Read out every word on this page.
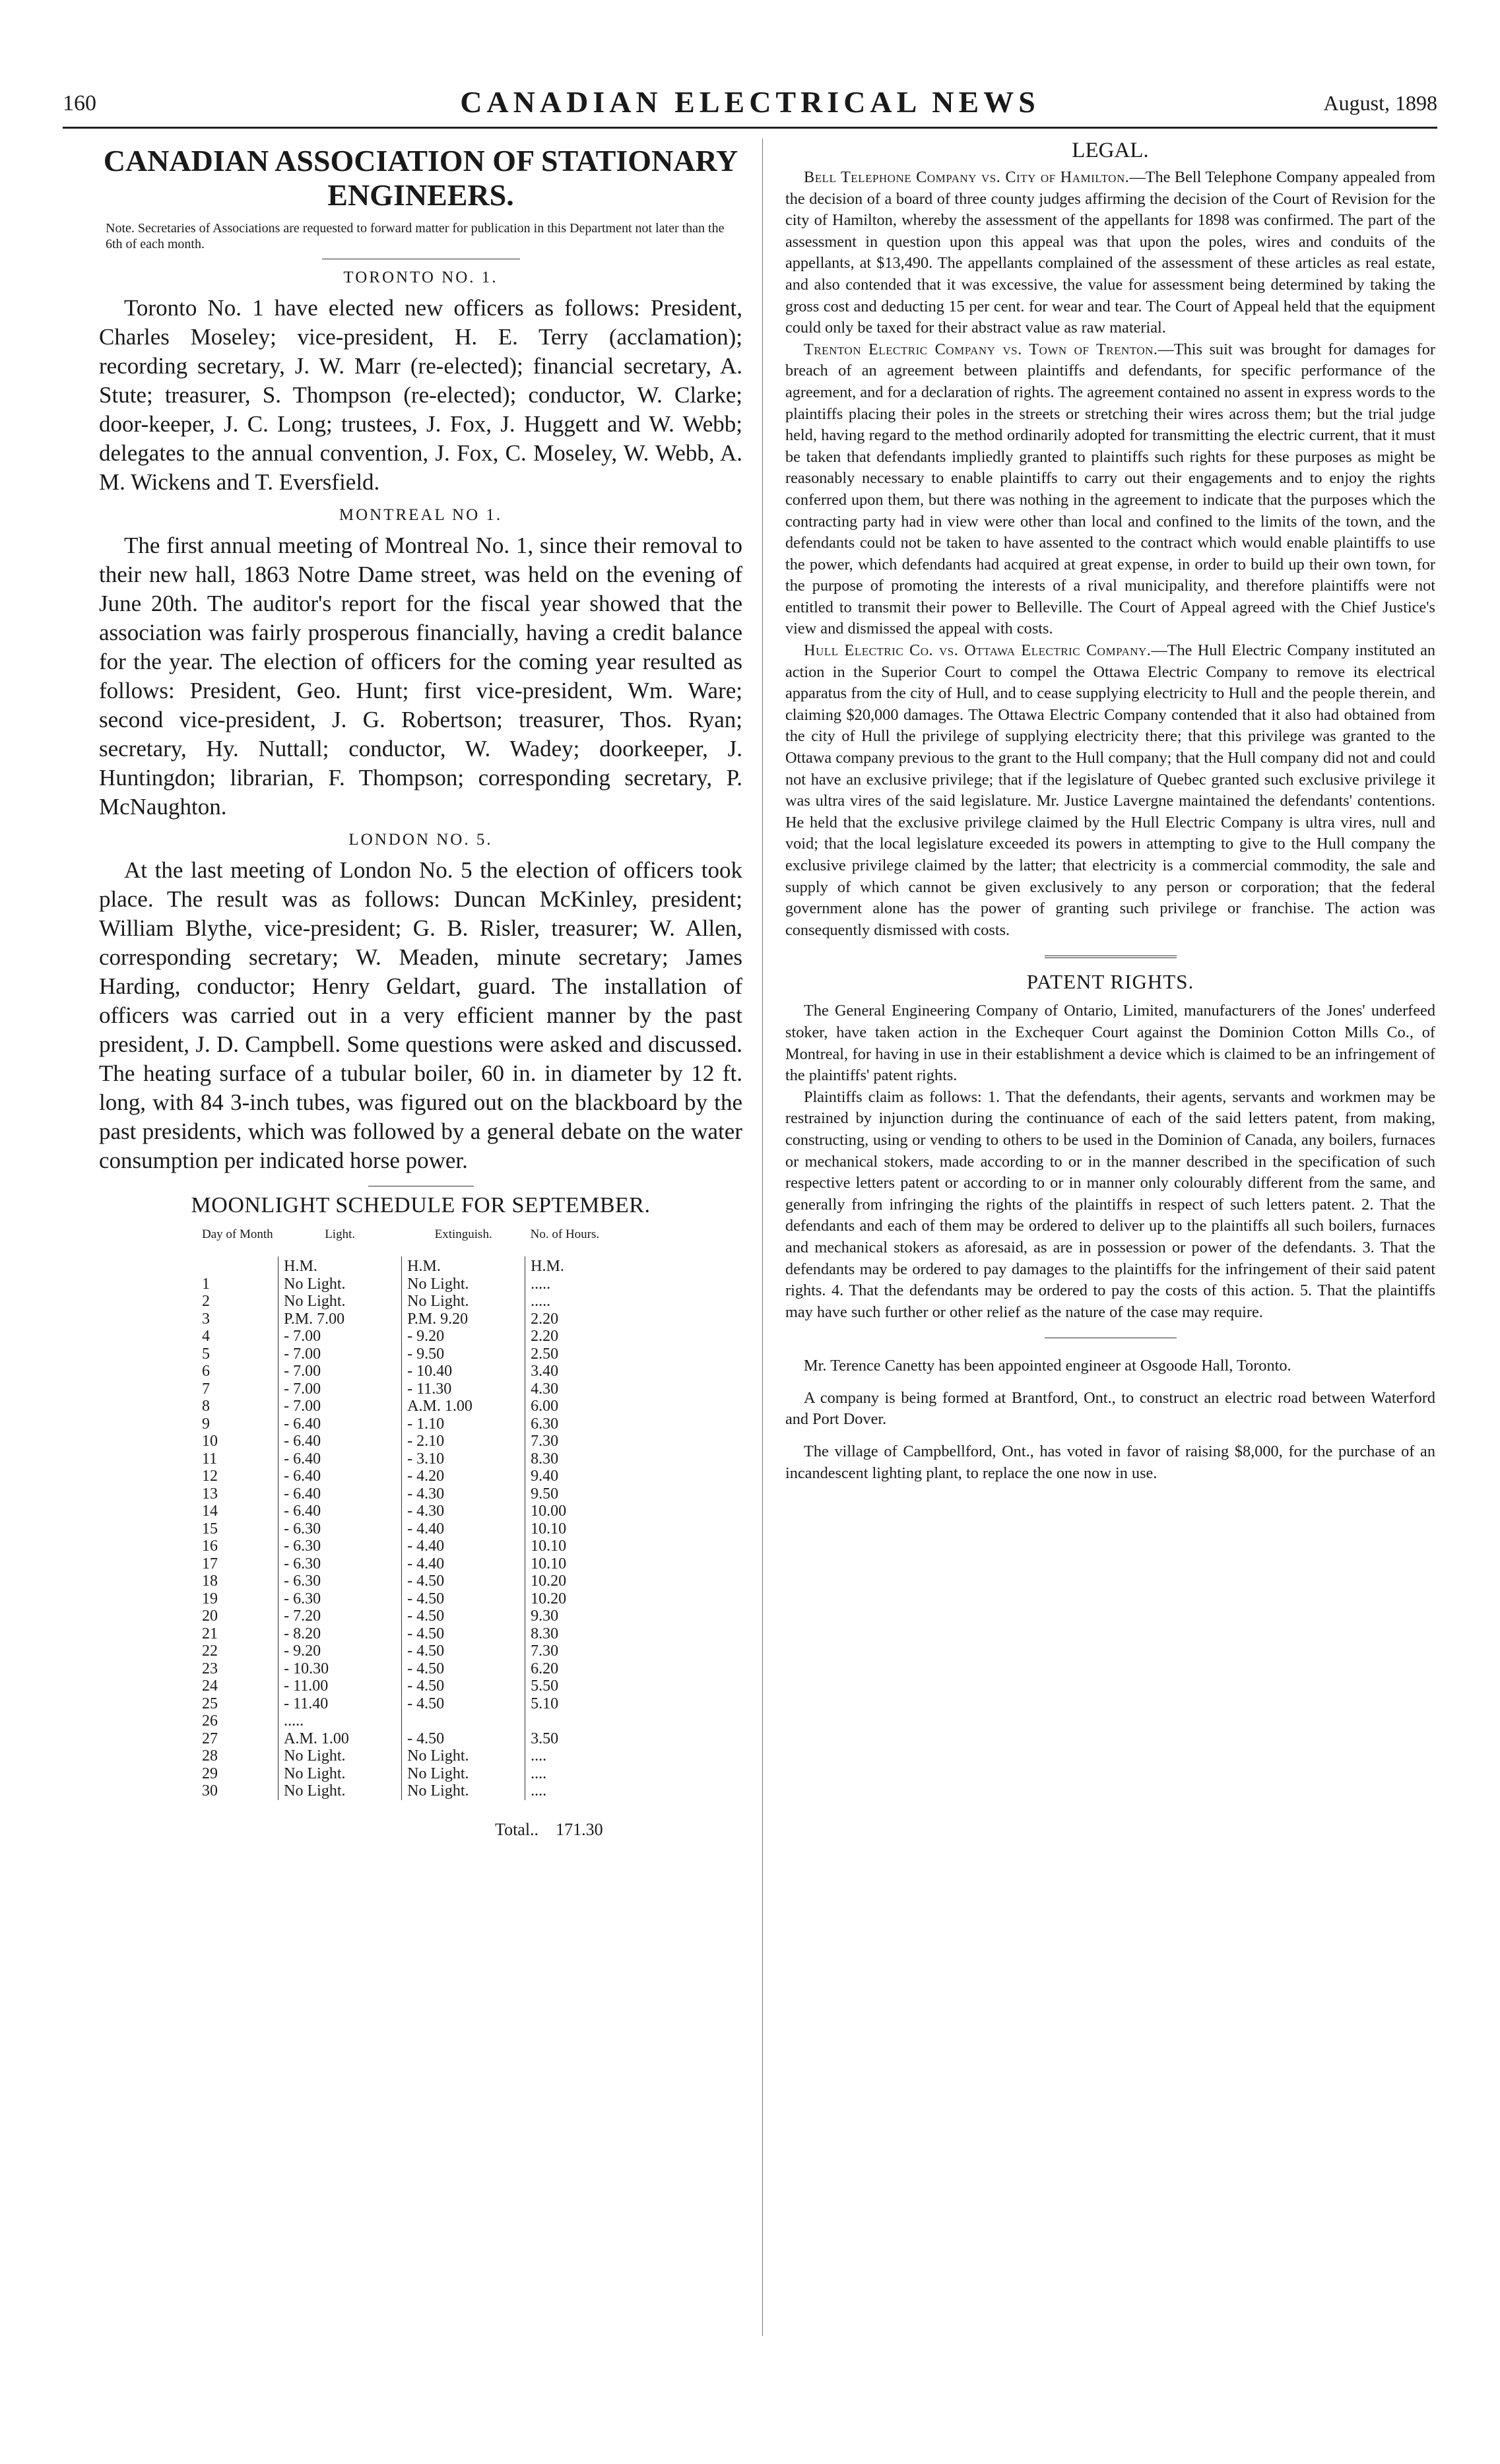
160	CANADIAN ELECTRICAL NEWS	August, 1898
CANADIAN ASSOCIATION OF STATIONARY ENGINEERS.
Note. Secretaries of Associations are requested to forward matter for publication in this Department not later than the 6th of each month.
TORONTO NO. 1.

Toronto No. 1 have elected new officers as follows: President, Charles Moseley; vice-president, H. E. Terry (acclamation); recording secretary, J. W. Marr (re-elected); financial secretary, A. Stute; treasurer, S. Thompson (re-elected); conductor, W. Clarke; door-keeper, J. C. Long; trustees, J. Fox, J. Huggett and W. Webb; delegates to the annual convention, J. Fox, C. Moseley, W. Webb, A. M. Wickens and T. Eversfield.

MONTREAL NO 1.

The first annual meeting of Montreal No. 1, since their removal to their new hall, 1863 Notre Dame street, was held on the evening of June 20th. The auditor's report for the fiscal year showed that the association was fairly prosperous financially, having a credit balance for the year. The election of officers for the coming year resulted as follows: President, Geo. Hunt; first vice-president, Wm. Ware; second vice-president, J. G. Robertson; treasurer, Thos. Ryan; secretary, Hy. Nuttall; conductor, W. Wadey; doorkeeper, J. Huntingdon; librarian, F. Thompson; corresponding secretary, P. McNaughton.

LONDON NO. 5.

At the last meeting of London No. 5 the election of officers took place. The result was as follows: Duncan McKinley, president; William Blythe, vice-president; G. B. Risler, treasurer; W. Allen, corresponding secretary; W. Meaden, minute secretary; James Harding, conductor; Henry Geldart, guard. The installation of officers was carried out in a very efficient manner by the past president, J. D. Campbell. Some questions were asked and discussed. The heating surface of a tubular boiler, 60 in. in diameter by 12 ft. long, with 84 3-inch tubes, was figured out on the blackboard by the past presidents, which was followed by a general debate on the water consumption per indicated horse power.

MOONLIGHT SCHEDULE FOR SEPTEMBER.
Day of Month	Light.	Extinguish.	No. of Hours.
	H.M.	H.M.	H.M.
1	No Light.	No Light.	.....
2	No Light.	No Light.	.....
3	P.M. 7.00	P.M. 9.20	2.20
4	- 7.00	- 9.20	2.20
5	- 7.00	- 9.50	2.50
6	- 7.00	- 10.40	3.40
7	- 7.00	- 11.30	4.30
8	- 7.00	A.M. 1.00	6.00
9	- 6.40	- 1.10	6.30
10	- 6.40	- 2.10	7.30
11	- 6.40	- 3.10	8.30
12	- 6.40	- 4.20	9.40
13	- 6.40	- 4.30	9.50
14	- 6.40	- 4.30	10.00
15	- 6.30	- 4.40	10.10
16	- 6.30	- 4.40	10.10
17	- 6.30	- 4.40	10.10
18	- 6.30	- 4.50	10.20
19	- 6.30	- 4.50	10.20
20	- 7.20	- 4.50	9.30
21	- 8.20	- 4.50	8.30
22	- 9.20	- 4.50	7.30
23	- 10.30	- 4.50	6.20
24	- 11.00	- 4.50	5.50
25	- 11.40	- 4.50	5.10
26	.....		
27	A.M. 1.00	- 4.50	3.50
28	No Light.	No Light.	....
29	No Light.	No Light.	....
30	No Light.	No Light.	....
Total.. 171.30
LEGAL.

Bell Telephone Company vs. City of Hamilton.—The Bell Telephone Company appealed from the decision of a board of three county judges affirming the decision of the Court of Revision for the city of Hamilton, whereby the assessment of the appellants for 1898 was confirmed. The part of the assessment in question upon this appeal was that upon the poles, wires and conduits of the appellants, at $13,490. The appellants complained of the assessment of these articles as real estate, and also contended that it was excessive, the value for assessment being determined by taking the gross cost and deducting 15 per cent. for wear and tear. The Court of Appeal held that the equipment could only be taxed for their abstract value as raw material.

Trenton Electric Company vs. Town of Trenton.—This suit was brought for damages for breach of an agreement between plaintiffs and defendants, for specific performance of the agreement, and for a declaration of rights. The agreement contained no assent in express words to the plaintiffs placing their poles in the streets or stretching their wires across them; but the trial judge held, having regard to the method ordinarily adopted for transmitting the electric current, that it must be taken that defendants impliedly granted to plaintiffs such rights for these purposes as might be reasonably necessary to enable plaintiffs to carry out their engagements and to enjoy the rights conferred upon them, but there was nothing in the agreement to indicate that the purposes which the contracting party had in view were other than local and confined to the limits of the town, and the defendants could not be taken to have assented to the contract which would enable plaintiffs to use the power, which defendants had acquired at great expense, in order to build up their own town, for the purpose of promoting the interests of a rival municipality, and therefore plaintiffs were not entitled to transmit their power to Belleville. The Court of Appeal agreed with the Chief Justice's view and dismissed the appeal with costs.

Hull Electric Co. vs. Ottawa Electric Company.—The Hull Electric Company instituted an action in the Superior Court to compel the Ottawa Electric Company to remove its electrical apparatus from the city of Hull, and to cease supplying electricity to Hull and the people therein, and claiming $20,000 damages. The Ottawa Electric Company contended that it also had obtained from the city of Hull the privilege of supplying electricity there; that this privilege was granted to the Ottawa company previous to the grant to the Hull company; that the Hull company did not and could not have an exclusive privilege; that if the legislature of Quebec granted such exclusive privilege it was ultra vires of the said legislature. Mr. Justice Lavergne maintained the defendants' contentions. He held that the exclusive privilege claimed by the Hull Electric Company is ultra vires, null and void; that the local legislature exceeded its powers in attempting to give to the Hull company the exclusive privilege claimed by the latter; that electricity is a commercial commodity, the sale and supply of which cannot be given exclusively to any person or corporation; that the federal government alone has the power of granting such privilege or franchise. The action was consequently dismissed with costs.

PATENT RIGHTS.

The General Engineering Company of Ontario, Limited, manufacturers of the Jones' underfeed stoker, have taken action in the Exchequer Court against the Dominion Cotton Mills Co., of Montreal, for having in use in their establishment a device which is claimed to be an infringement of the plaintiffs' patent rights.

Plaintiffs claim as follows: 1. That the defendants, their agents, servants and workmen may be restrained by injunction during the continuance of each of the said letters patent, from making, constructing, using or vending to others to be used in the Dominion of Canada, any boilers, furnaces or mechanical stokers, made according to or in the manner described in the specification of such respective letters patent or according to or in manner only colourably different from the same, and generally from infringing the rights of the plaintiffs in respect of such letters patent. 2. That the defendants and each of them may be ordered to deliver up to the plaintiffs all such boilers, furnaces and mechanical stokers as aforesaid, as are in possession or power of the defendants. 3. That the defendants may be ordered to pay damages to the plaintiffs for the infringement of their said patent rights. 4. That the defendants may be ordered to pay the costs of this action. 5. That the plaintiffs may have such further or other relief as the nature of the case may require.

Mr. Terence Canetty has been appointed engineer at Osgoode Hall, Toronto.

A company is being formed at Brantford, Ont., to construct an electric road between Waterford and Port Dover.

The village of Campbellford, Ont., has voted in favor of raising $8,000, for the purchase of an incandescent lighting plant, to replace the one now in use.
